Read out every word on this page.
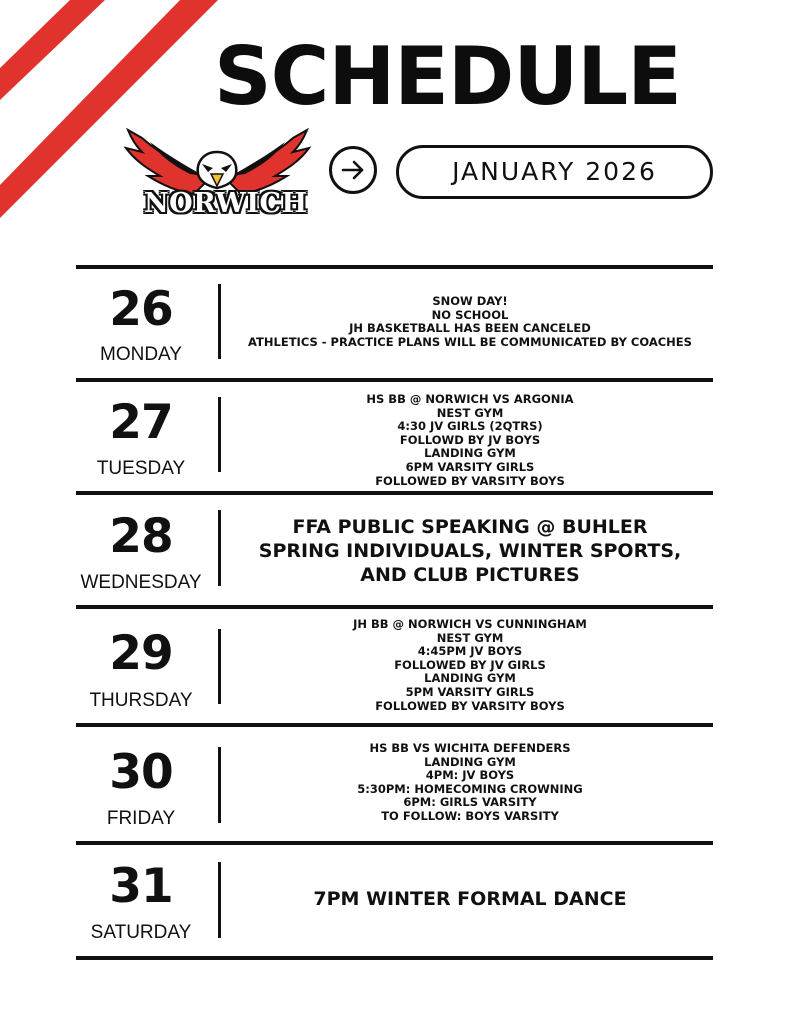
SCHEDULE
NORWICH
JANUARY 2026
26
MONDAY
SNOW DAY!
NO SCHOOL
JH BASKETBALL HAS BEEN CANCELED
ATHLETICS - PRACTICE PLANS WILL BE COMMUNICATED BY COACHES
27
TUESDAY
HS BB @ NORWICH VS ARGONIA
NEST GYM
4:30 JV GIRLS (2QTRS)
FOLLOWD BY JV BOYS
LANDING GYM
6PM VARSITY GIRLS
FOLLOWED BY VARSITY BOYS
28
WEDNESDAY
FFA PUBLIC SPEAKING @ BUHLER
SPRING INDIVIDUALS, WINTER SPORTS,
AND CLUB PICTURES
29
THURSDAY
JH BB @ NORWICH VS CUNNINGHAM
NEST GYM
4:45PM JV BOYS
FOLLOWED BY JV GIRLS
LANDING GYM
5PM VARSITY GIRLS
FOLLOWED BY VARSITY BOYS
30
FRIDAY
HS BB VS WICHITA DEFENDERS
LANDING GYM
4PM: JV BOYS
5:30PM: HOMECOMING CROWNING
6PM: GIRLS VARSITY
TO FOLLOW: BOYS VARSITY
31
SATURDAY
7PM WINTER FORMAL DANCE
